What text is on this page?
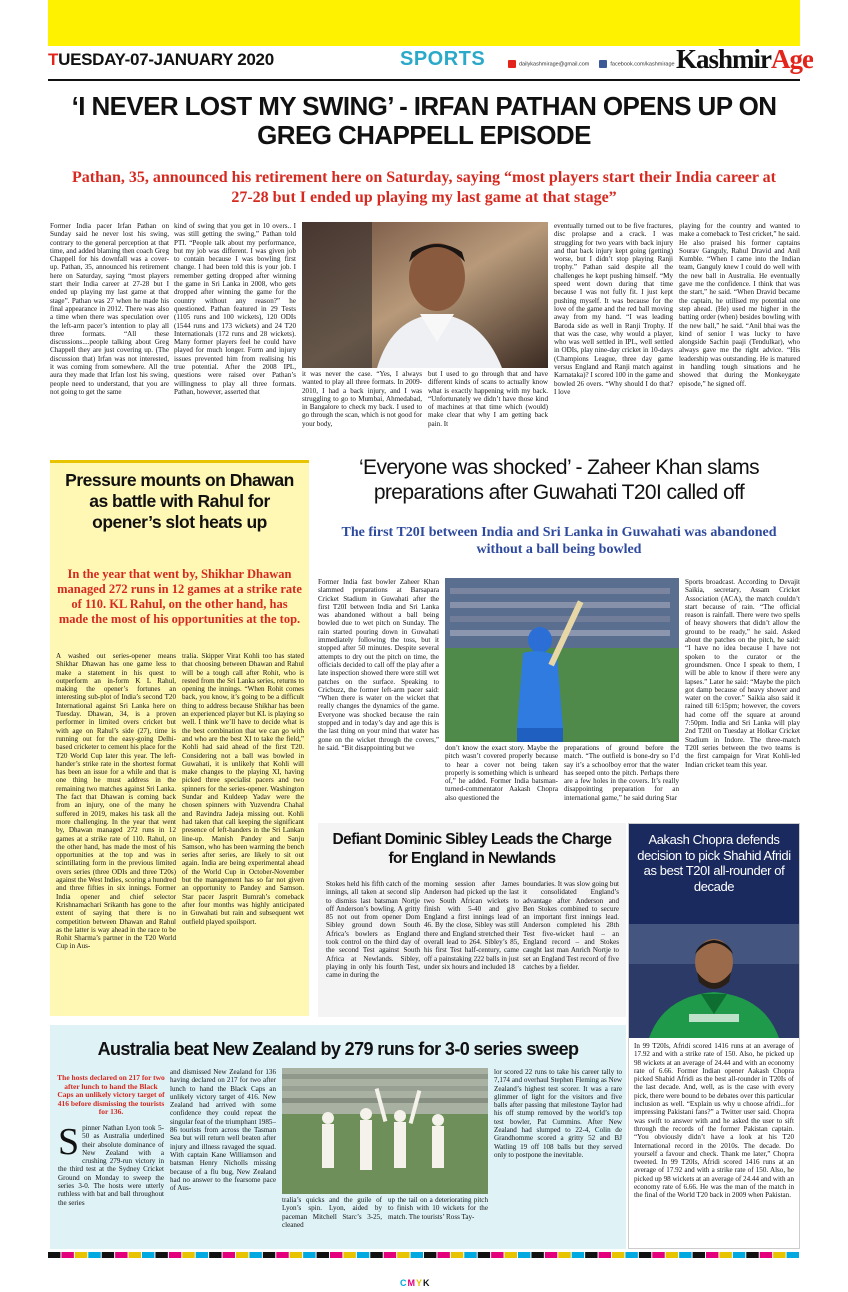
TUESDAY-07-JANUARY 2020	SPORTS	dailykashmirage@gmail.com	facebook.com/kashmirage KashmirAge
‘I NEVER LOST MY SWING’ - IRFAN PATHAN OPENS UP ON GREG CHAPPELL EPISODE
Pathan, 35, announced his retirement here on Saturday, saying “most players start their India career at 27-28 but I ended up playing my last game at that stage”
Former India pacer Irfan Pathan on Sunday said he never lost his swing, contrary to the general perception at that time, and added blaming then coach Greg Chappell for his downfall was a cover-up. Pathan, 35, announced his retirement here on Saturday, saying “most players start their India career at 27-28 but I ended up playing my last game at that stage”. Pathan was 27 when he made his final appearance in 2012. There was also a time when there was speculation over the left-arm pacer’s intention to play all three formats. “All these discussions....people talking about Greg Chappell they are just covering up. (The discussion that) Irfan was not interested, it was coming from somewhere. All the aura they made that Irfan lost his swing, people need to understand, that you are not going to get the same
kind of swing that you get in 10 overs.. I was still getting the swing,” Pathan told PTI. “People talk about my performance, but my job was different. I was given job to contain because I was bowling first change. I had been told this is your job. I remember getting dropped after winning the game in Sri Lanka in 2008, who gets dropped after winning the game for the country without any reason?” he questioned. Pathan featured in 29 Tests (1105 runs and 100 wickets), 120 ODIs (1544 runs and 173 wickets) and 24 T20 Internationals (172 runs and 28 wickets). Many former players feel he could have played for much longer. Form and injury issues prevented him from realising his true potential. After the 2008 IPL, questions were raised over Pathan’s willingness to play all three formats. Pathan, however, asserted that
it was never the case. “Yes, I always wanted to play all three formats. In 2009-2010, I had a back injury, and I was struggling to go to Mumbai, Ahmedabad, in Bangalore to check my back. I used to go through the scan, which is not good for your body,
but I used to go through that and have different kinds of scans to actually know what is exactly happening with my back. “Unfortunately we didn’t have those kind of machines at that time which (would) make clear that why I am getting back pain. It
eventually turned out to be five fractures, disc prolapse and a crack. I was struggling for two years with back injury and that back injury kept going (getting) worse, but I didn’t stop playing Ranji trophy.” Pathan said despite all the challenges he kept pushing himself. “My speed went down during that time because I was not fully fit. I just kept pushing myself. It was because for the love of the game and the red ball moving away from my hand. “I was leading Baroda side as well in Ranji Trophy. If that was the case, why would a player, who was well settled in IPL, well settled in ODIs, play nine-day cricket in 10-days (Champions League, three day game versus England and Ranji match against Karnataka)? I scored 100 in the game and bowled 26 overs. “Why should I do that? I love
playing for the country and wanted to make a comeback to Test cricket,” he said. He also praised his former captains Sourav Ganguly, Rahul Dravid and Anil Kumble. “When I came into the Indian team, Ganguly knew I could do well with the new ball in Australia. He eventually gave me the confidence. I think that was the start,” he said. “When Dravid became the captain, he utilised my potential one step ahead. (He) used me higher in the batting order (when) besides bowling with the new ball,” he said. “Anil bhai was the kind of senior I was lucky to have alongside Sachin paaji (Tendulkar), who always gave me the right advice. “His leadership was outstanding. He is matured in handling tough situations and he showed that during the Monkeygate episode,” he signed off.
Pressure mounts on Dhawan as battle with Rahul for opener’s slot heats up
In the year that went by, Shikhar Dhawan managed 272 runs in 12 games at a strike rate of 110. KL Rahul, on the other hand, has made the most of his opportunities at the top.
A washed out series-opener means Shikhar Dhawan has one game less to make a statement in his quest to outperform an in-form K L Rahul, making the opener’s fortunes an interesting sub-plot of India’s second T20 International against Sri Lanka here on Tuesday. Dhawan, 34, is a proven performer in limited overs cricket but with age on Rahul’s side (27), time is running out for the easy-going Delhi-based cricketer to cement his place for the T20 World Cup later this year. The left-hander’s strike rate in the shortest format has been an issue for a while and that is one thing he must address in the remaining two matches against Sri Lanka. The fact that Dhawan is coming back from an injury, one of the many he suffered in 2019, makes his task all the more challenging. In the year that went by, Dhawan managed 272 runs in 12 games at a strike rate of 110. Rahul, on the other hand, has made the most of his opportunities at the top and was in scintillating form in the previous limited overs series (three ODIs and three T20s) against the West Indies, scoring a hundred and three fifties in six innings. Former India opener and chief selector Krishnamachari Srikanth has gone to the extent of saying that there is no competition between Dhawan and Rahul as the latter is way ahead in the race to be Rohit Sharma’s partner in the T20 World Cup in Aus-
tralia. Skipper Virat Kohli too has stated that choosing between Dhawan and Rahul will be a tough call after Rohit, who is rested from the Sri Lanka series, returns to opening the innings. “When Rohit comes back, you know, it’s going to be a difficult thing to address because Shikhar has been an experienced player but KL is playing so well. I think we’ll have to decide what is the best combination that we can go with and who are the best XI to take the field,” Kohli had said ahead of the first T20. Considering not a ball was bowled in Guwahati, it is unlikely that Kohli will make changes to the playing XI, having picked three specialist pacers and two spinners for the series-opener. Washington Sundar and Kuldeep Yadav were the chosen spinners with Yuzvendra Chahal and Ravindra Jadeja missing out. Kohli had taken that call keeping the significant presence of left-handers in the Sri Lankan line-up. Manish Pandey and Sanju Samson, who has been warming the bench series after series, are likely to sit out again. India are being experimental ahead of the World Cup in October-November but the management has so far not given an opportunity to Pandey and Samson. Star pacer Jasprit Bumrah’s comeback after four months was highly anticipated in Guwahati but rain and subsequent wet outfield played spoilsport.
‘Everyone was shocked’ - Zaheer Khan slams preparations after Guwahati T20I called off
The first T20I between India and Sri Lanka in Guwahati was abandoned without a ball being bowled
Former India fast bowler Zaheer Khan slammed preparations at Barsapara Cricket Stadium in Guwahati after the first T20I between India and Sri Lanka was abandoned without a ball being bowled due to wet pitch on Sunday. The rain started pouring down in Guwahati immediately following the toss, but it stopped after 50 minutes. Despite several attempts to dry out the pitch on time, the officials decided to call off the play after a late inspection showed there were still wet patches on the surface. Speaking to Cricbuzz, the former left-arm pacer said: “When there is water on the wicket that really changes the dynamics of the game. Everyone was shocked because the rain stopped and in today’s day and age this is the last thing on your mind that water has gone on the wicket through the covers,” he said. “Bit disappointing but we	don’t know the exact story. Maybe the pitch wasn’t covered properly because to hear a cover not being taken properly is something which is unheard of,” he added. Former India batsman-turned-commentator Aakash Chopra also questioned the
preparations of ground before the match. “The outfield is bone-dry so I’d say it’s a schoolboy error that the water has seeped onto the pitch. Perhaps there are a few holes in the covers. It’s really disappointing preparation for an international game,” he said during Star
Sports broadcast. According to Devajit Saikia, secretary, Assam Cricket Association (ACA), the match couldn’t start because of rain. “The official reason is rainfall. There were two spells of heavy showers that didn’t allow the ground to be ready,” he said. Asked about the patches on the pitch, he said: “I have no idea because I have not spoken to the curator or the groundsmen. Once I speak to them, I will be able to know if there were any lapses.” Later he said: “Maybe the pitch got damp because of heavy shower and water on the cover.” Saikia also said it rained till 6:15pm; however, the covers had come off the square at around 7:50pm. India and Sri Lanka will play 2nd T20I on Tuesday at Holkar Cricket Stadium in Indore. The three-match T20I series between the two teams is the first campaign for Virat Kohli-led Indian cricket team this year.
Defiant Dominic Sibley Leads the Charge for England in Newlands
Stokes held his fifth catch of the innings, all taken at second slip to dismiss last batsman Nortje off Anderson’s bowling. A gritty 85 not out from opener Dom Sibley ground down South Africa’s bowlers as England took control on the third day of the second Test against South Africa at Newlands. Sibley, playing in only his fourth Test, came in during the
morning session after James Anderson had picked up the last two South African wickets to finish with 5-40 and give England a first innings lead of 46. By the close, Sibley was still there and England stretched their overall lead to 264. Sibley’s 85, his first Test half-century, came off a painstaking 222 balls in just under six hours and included 18
boundaries. It was slow going but it consolidated England’s advantage after Anderson and Ben Stokes combined to secure an important first innings lead. Anderson completed his 28th Test five-wicket haul – an England record – and Stokes caught last man Anrich Nortje to set an England Test record of five catches by a fielder.
Aakash Chopra defends decision to pick Shahid Afridi as best T20I all-rounder of decade
In 99 T20Is, Afridi scored 1416 runs at an average of 17.92 and with a strike rate of 150. Also, he picked up 98 wickets at an average of 24.44 and with an economy rate of 6.66. Former Indian opener Aakash Chopra picked Shahid Afridi as the best all-rounder in T20Is of the last decade. And, well, as is the case with every pick, there were bound to be debates over this particular inclusion as well. “Explain us why u choose afridi...for impressing Pakistani fans?” a Twitter user said. Chopra was swift to answer with and he asked the user to sift through the records of the former Pakistan captain. “You obviously didn’t have a look at his T20 International record in the 2010s. The decade. Do yourself a favour and check. Thank me later,” Chopra tweeted. In 99 T20Is, Afridi scored 1416 runs at an average of 17.92 and with a strike rate of 150. Also, he picked up 98 wickets at an average of 24.44 and with an economy rate of 6.66. He was the man of the match in the final of the World T20 back in 2009 when Pakistan.
Australia beat New Zealand by 279 runs for 3-0 series sweep
The hosts declared on 217 for two after lunch to hand the Black Caps an unlikely victory target of 416 before dismissing the tourists for 136.
Spinner Nathan Lyon took 5-50 as Australia underlined their absolute dominance of New Zealand with a crushing 279-run victory in the third test at the Sydney Cricket Ground on Monday to sweep the series 3-0. The hosts were utterly ruthless with bat and ball throughout the series
and dismissed New Zealand for 136 having declared on 217 for two after lunch to hand the Black Caps an unlikely victory target of 416. New Zealand had arrived with some confidence they could repeat the singular feat of the triumphant 1985–86 tourists from across the Tasman Sea but will return well beaten after injury and illness ravaged the squad. With captain Kane Williamson and batsman Henry Nicholls missing because of a flu bug, New Zealand had no answer to the fearsome pace of Aus-
tralia’s quicks and the guile of Lyon’s spin. Lyon, aided by paceman Mitchell Starc’s 3-25, cleaned
up the tail on a deteriorating pitch to finish with 10 wickets for the match. The tourists’ Ross Tay-
lor scored 22 runs to take his career tally to 7,174 and overhaul Stephen Fleming as New Zealand’s highest test scorer. It was a rare glimmer of light for the visitors and five balls after passing that milestone Taylor had his off stump removed by the world’s top test bowler, Pat Cummins. After New Zealand had slumped to 22-4, Colin de Grandhomme scored a gritty 52 and BJ Watling 19 off 108 balls but they served only to postpone the inevitable.
CMYK
